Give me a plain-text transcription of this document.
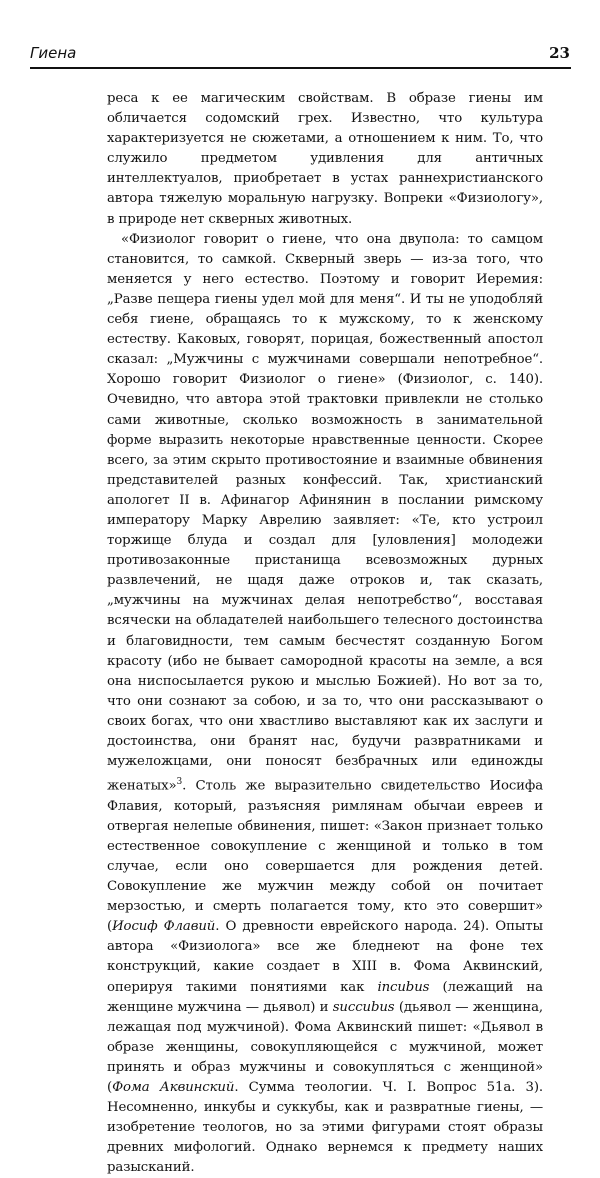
Гиена	23

реса к ее магическим свойствам. В образе гиены им обличается содомский грех. Известно, что культура характеризуется не сюжетами, а отношением к ним. То, что служило предметом удивления для античных интеллектуалов, приобретает в устах раннехристианского автора тяжелую моральную нагрузку. Вопреки «Физиологу», в природе нет скверных животных.

«Физиолог говорит о гиене, что она двупола: то самцом становится, то самкой. Скверный зверь — из-за того, что меняется у него естество. Поэтому и говорит Иеремия: „Разве пещера гиены удел мой для меня“. И ты не уподобляй себя гиене, обращаясь то к мужскому, то к женскому естеству. Каковых, говорят, порицая, божественный апостол сказал: „Мужчины с мужчинами совершали непотребное“. Хорошо говорит Физиолог о гиене» (Физиолог, с. 140). Очевидно, что автора этой трактовки привлекли не столько сами животные, сколько возможность в занимательной форме выразить некоторые нравственные ценности. Скорее всего, за этим скрыто противостояние и взаимные обвинения представителей разных конфессий. Так, христианский апологет II в. Афинагор Афинянин в послании римскому императору Марку Аврелию заявляет: «Те, кто устроил торжище блуда и создал для [уловления] молодежи противозаконные пристанища всевозможных дурных развлечений, не щадя даже отроков и, так сказать, „мужчины на мужчинах делая непотребство“, восставая всячески на обладателей наибольшего телесного достоинства и благовидности, тем самым бесчестят созданную Богом красоту (ибо не бывает самородной красоты на земле, а вся она ниспосылается рукою и мыслью Божией). Но вот за то, что они сознают за собою, и за то, что они рассказывают о своих богах, что они хвастливо выставляют как их заслуги и достоинства, они бранят нас, будучи развратниками и мужеложцами, они поносят безбрачных или единожды женатых»$^3$. Столь же выразительно свидетельство Иосифа Флавия, который, разъясняя римлянам обычаи евреев и отвергая нелепые обвинения, пишет: «Закон признает только естественное совокупление с женщиной и только в том случае, если оно совершается для рождения детей. Совокупление же мужчин между собой он почитает мерзостью, и смерть полагается тому, кто это совершит» (Иосиф Флавий. О древности еврейского народа. 24). Опыты автора «Физиолога» все же бледнеют на фоне тех конструкций, какие создает в XIII в. Фома Аквинский, оперируя такими понятиями как incubus (лежащий на женщине мужчина — дьявол) и succubus (дьявол — женщина, лежащая под мужчиной). Фома Аквинский пишет: «Дьявол в образе женщины, совокупляющейся с мужчиной, может принять и образ мужчины и совокупляться с женщиной» (Фома Аквинский. Сумма теологии. Ч. I. Вопрос 51а. 3). Несомненно, инкубы и суккубы, как и развратные гиены, — изобретение теологов, но за этими фигурами стоят образы древних мифологий. Однако вернемся к предмету наших разысканий.
